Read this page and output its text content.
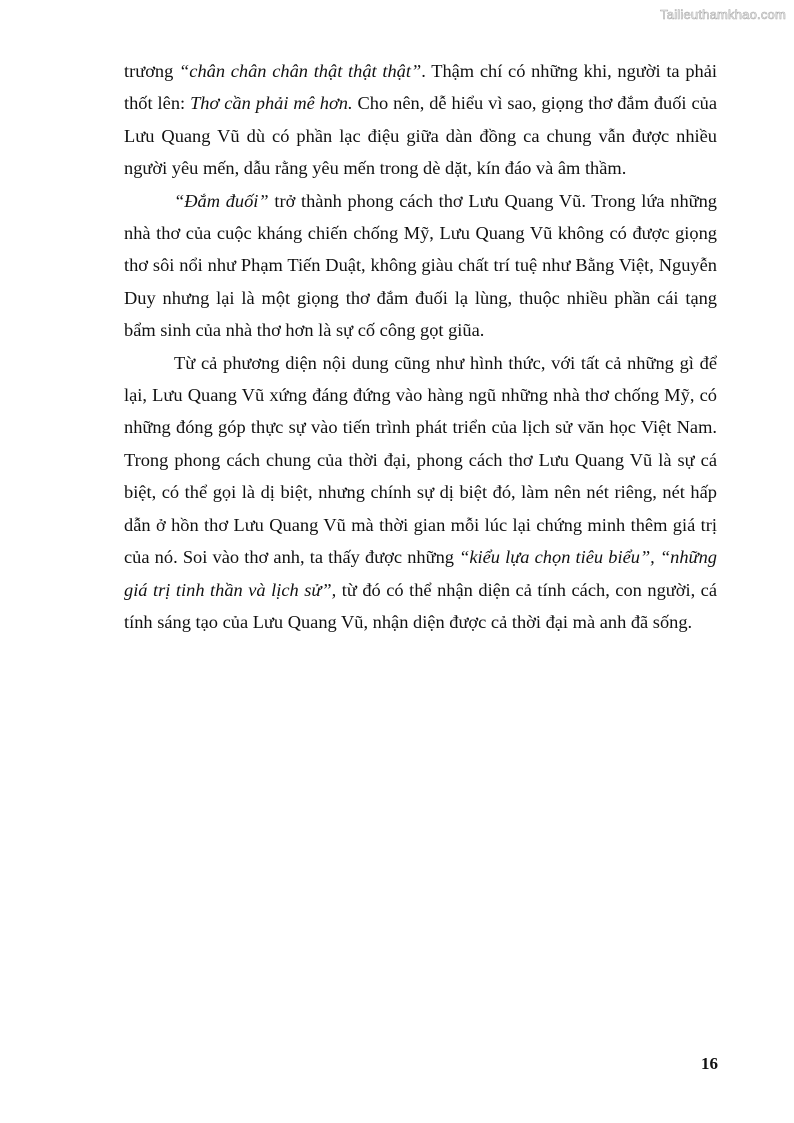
Tailieuthamkhao.com

trương “chân chân chân thật thật thật”. Thậm chí có những khi, người ta phải thốt lên: Thơ cần phải mê hơn. Cho nên, dễ hiểu vì sao, giọng thơ đắm đuối của Lưu Quang Vũ dù có phần lạc điệu giữa dàn đồng ca chung vẫn được nhiều người yêu mến, dẫu rằng yêu mến trong dè dặt, kín đáo và âm thầm.

“Đắm đuối” trở thành phong cách thơ Lưu Quang Vũ. Trong lứa những nhà thơ của cuộc kháng chiến chống Mỹ, Lưu Quang Vũ không có được giọng thơ sôi nổi như Phạm Tiến Duật, không giàu chất trí tuệ như Bằng Việt, Nguyễn Duy nhưng lại là một giọng thơ đắm đuối lạ lùng, thuộc nhiều phần cái tạng bẩm sinh của nhà thơ hơn là sự cố công gọt giũa.

Từ cả phương diện nội dung cũng như hình thức, với tất cả những gì để lại, Lưu Quang Vũ xứng đáng đứng vào hàng ngũ những nhà thơ chống Mỹ, có những đóng góp thực sự vào tiến trình phát triển của lịch sử văn học Việt Nam. Trong phong cách chung của thời đại, phong cách thơ Lưu Quang Vũ là sự cá biệt, có thể gọi là dị biệt, nhưng chính sự dị biệt đó, làm nên nét riêng, nét hấp dẫn ở hồn thơ Lưu Quang Vũ mà thời gian mỗi lúc lại chứng minh thêm giá trị của nó. Soi vào thơ anh, ta thấy được những “kiểu lựa chọn tiêu biểu”, “những giá trị tinh thần và lịch sử”, từ đó có thể nhận diện cả tính cách, con người, cá tính sáng tạo của Lưu Quang Vũ, nhận diện được cả thời đại mà anh đã sống.

16
